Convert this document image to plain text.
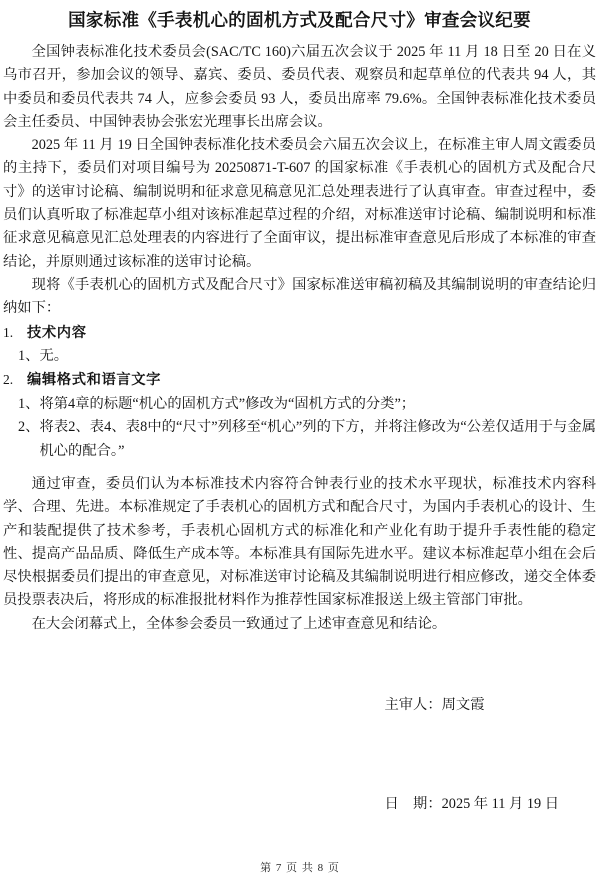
国家标准《手表机心的固机方式及配合尺寸》审查会议纪要

全国钟表标准化技术委员会(SAC/TC 160)六届五次会议于 2025 年 11 月 18 日至 20 日在义乌市召开，参加会议的领导、嘉宾、委员、委员代表、观察员和起草单位的代表共 94 人，其中委员和委员代表共 74 人，应参会委员 93 人，委员出席率 79.6%。全国钟表标准化技术委员会主任委员、中国钟表协会张宏光理事长出席会议。

2025 年 11 月 19 日全国钟表标准化技术委员会六届五次会议上，在标准主审人周文霞委员的主持下，委员们对项目编号为 20250871-T-607 的国家标准《手表机心的固机方式及配合尺寸》的送审讨论稿、编制说明和征求意见稿意见汇总处理表进行了认真审查。审查过程中，委员们认真听取了标准起草小组对该标准起草过程的介绍，对标准送审讨论稿、编制说明和标准征求意见稿意见汇总处理表的内容进行了全面审议，提出标准审查意见后形成了本标准的审查结论，并原则通过该标准的送审讨论稿。

现将《手表机心的固机方式及配合尺寸》国家标准送审稿初稿及其编制说明的审查结论归纳如下：

1. 技术内容
1、 无。
2. 编辑格式和语言文字
1、 将第4章的标题“机心的固机方式”修改为“固机方式的分类”；
2、 将表2、表4、表8中的“尺寸”列移至“机心”列的下方，并将注修改为“公差仅适用于与金属机心的配合。”

通过审查，委员们认为本标准技术内容符合钟表行业的技术水平现状，标准技术内容科学、合理、先进。本标准规定了手表机心的固机方式和配合尺寸，为国内手表机心的设计、生产和装配提供了技术参考，手表机心固机方式的标准化和产业化有助于提升手表性能的稳定性、提高产品品质、降低生产成本等。本标准具有国际先进水平。建议本标准起草小组在会后尽快根据委员们提出的审查意见，对标准送审讨论稿及其编制说明进行相应修改，递交全体委员投票表决后，将形成的标准报批材料作为推荐性国家标准报送上级主管部门审批。

在大会闭幕式上，全体参会委员一致通过了上述审查意见和结论。

主审人：周文霞

日　期：2025 年 11 月 19 日

第 7 页 共 8 页
